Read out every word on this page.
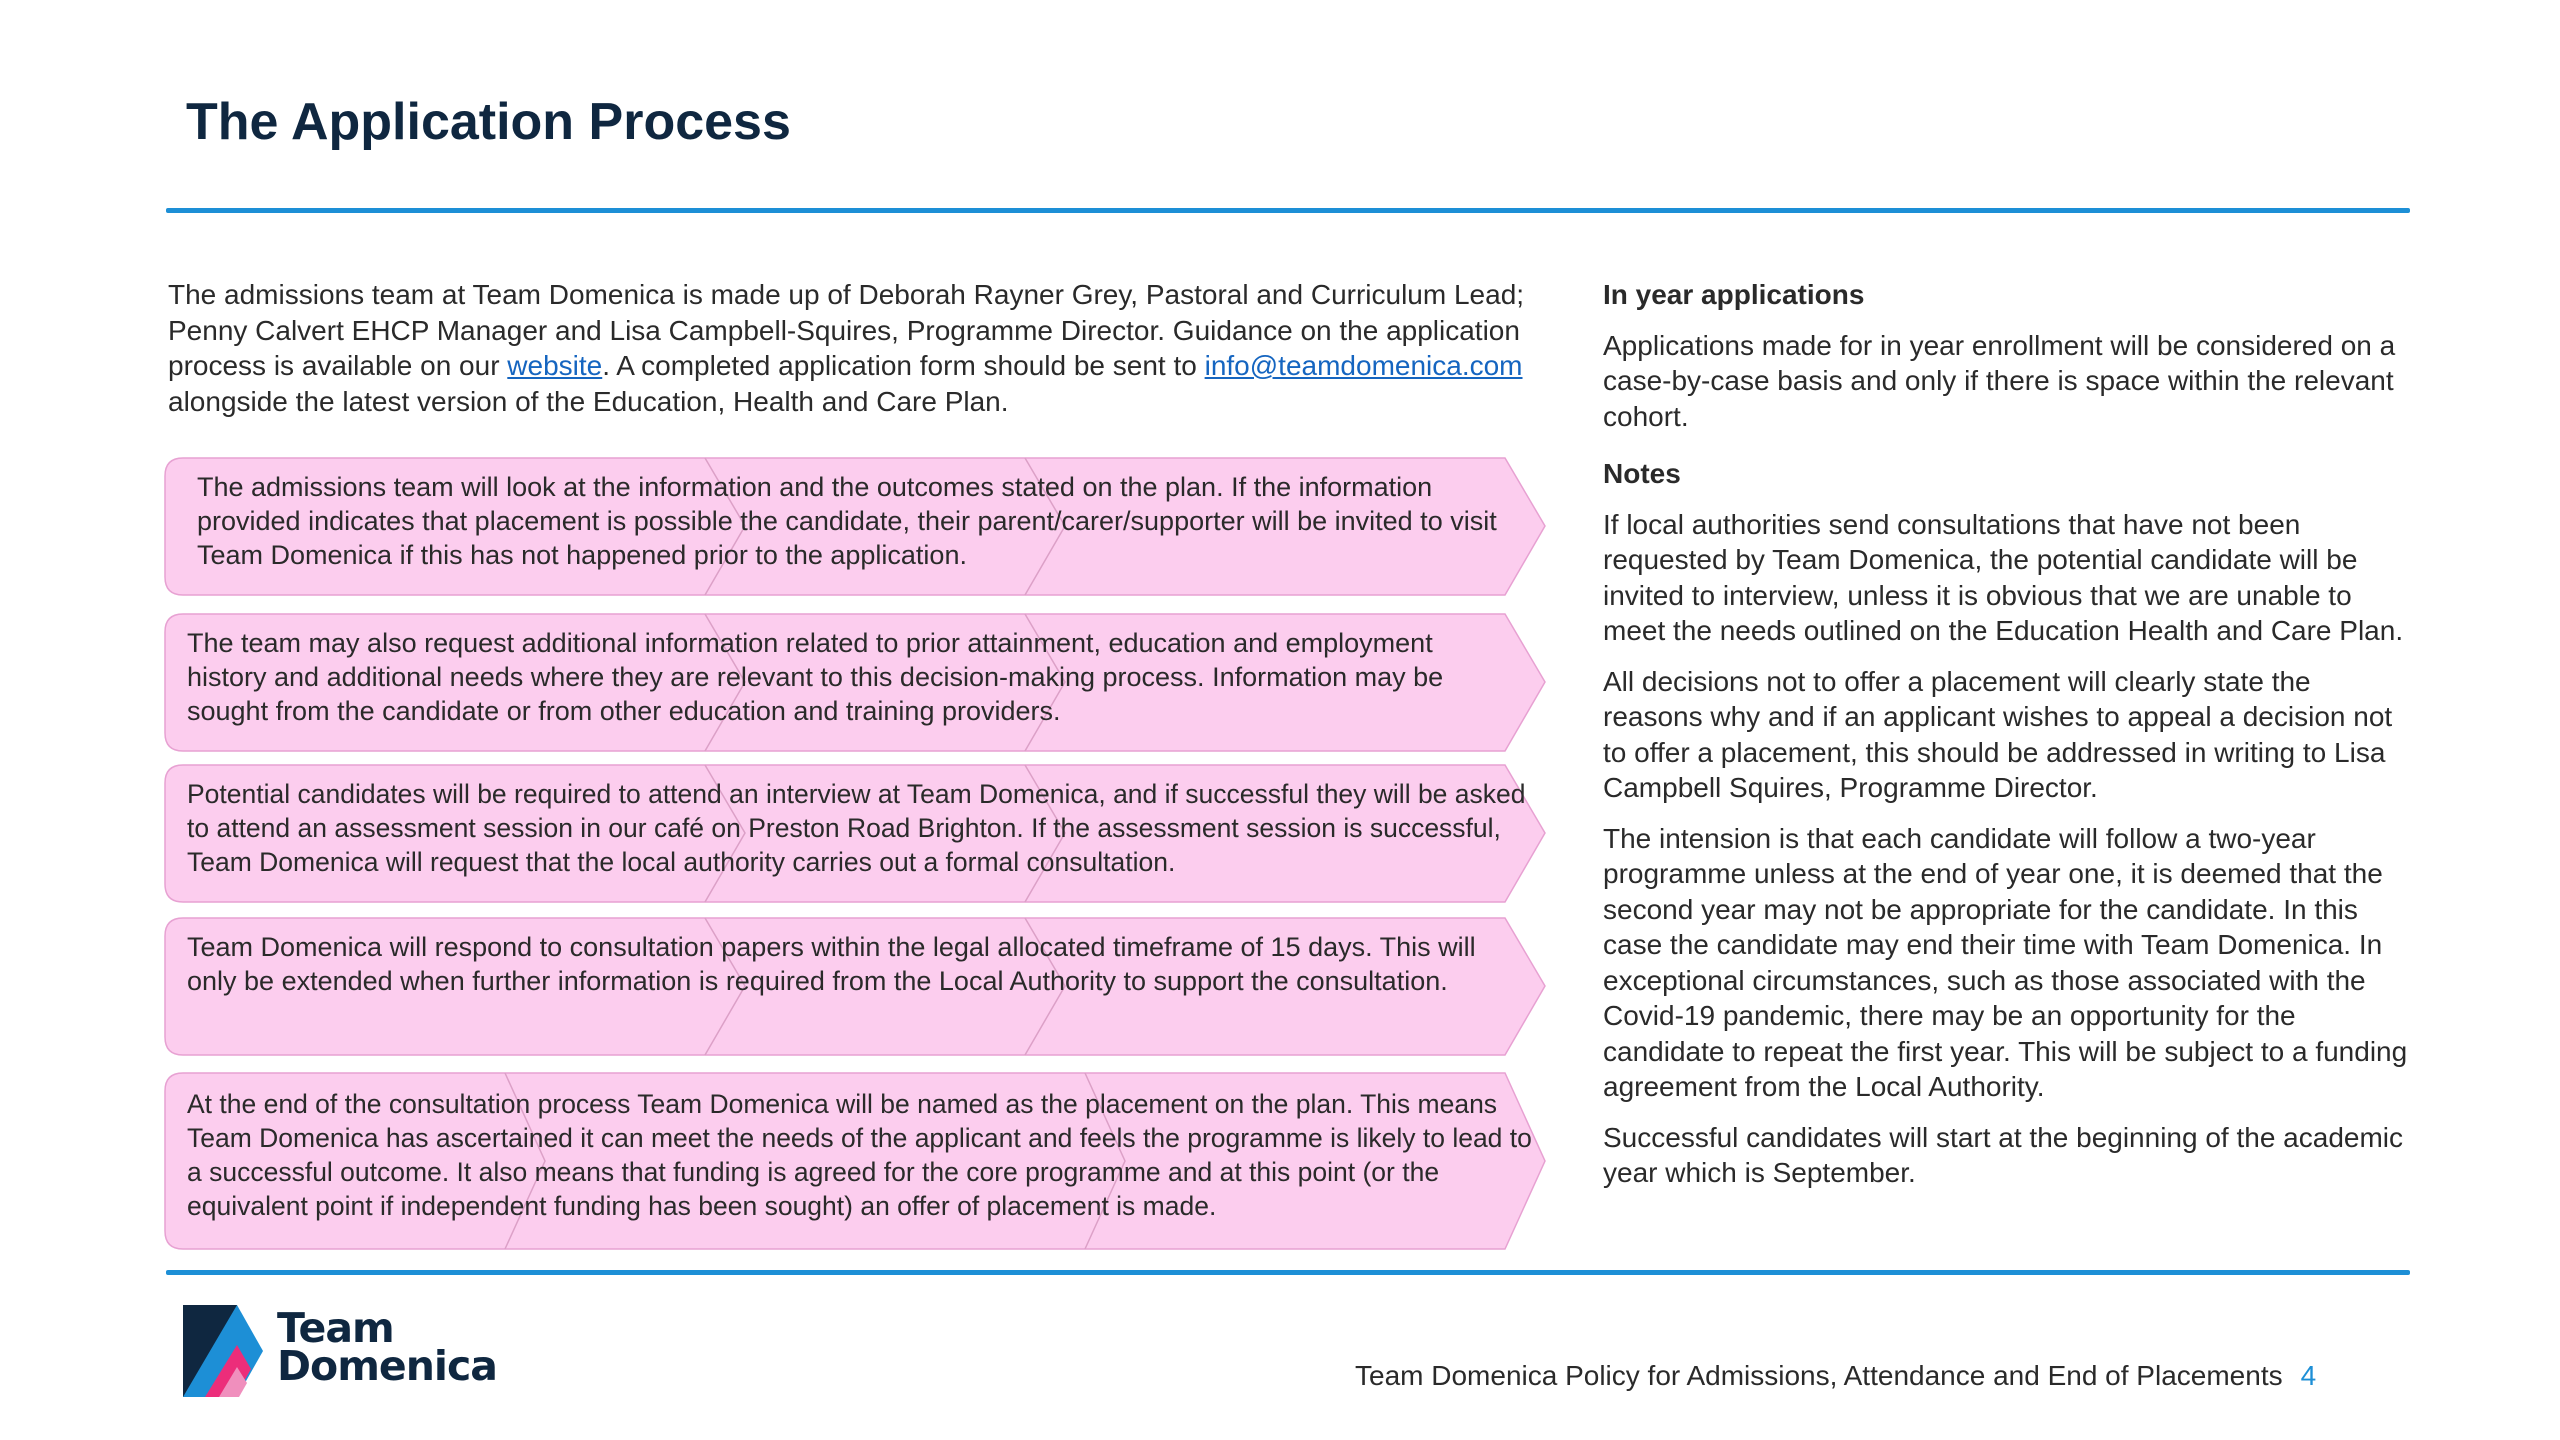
The Application Process
The admissions team at Team Domenica is made up of Deborah Rayner Grey, Pastoral and Curriculum Lead; Penny Calvert EHCP Manager and Lisa Campbell-Squires, Programme Director. Guidance on the application process is available on our website. A completed application form should be sent to info@teamdomenica.com alongside the latest version of the Education, Health and Care Plan.
The admissions team will look at the information and the outcomes stated on the plan. If the information provided indicates that placement is possible the candidate, their parent/carer/supporter will be invited to visit Team Domenica if this has not happened prior to the application.
The team may also request additional information related to prior attainment, education and employment history and additional needs where they are relevant to this decision-making process. Information may be sought from the candidate or from other education and training providers.
Potential candidates will be required to attend an interview at Team Domenica, and if successful they will be asked to attend an assessment session in our café on Preston Road Brighton. If the assessment session is successful, Team Domenica will request that the local authority carries out a formal consultation.
Team Domenica will respond to consultation papers within the legal allocated timeframe of 15 days. This will only be extended when further information is required from the Local Authority to support the consultation.
At the end of the consultation process Team Domenica will be named as the placement on the plan. This means Team Domenica has ascertained it can meet the needs of the applicant and feels the programme is likely to lead to a successful outcome. It also means that funding is agreed for the core programme and at this point (or the equivalent point if independent funding has been sought) an offer of placement is made.
In year applications

Applications made for in year enrollment will be considered on a case-by-case basis and only if there is space within the relevant cohort.

Notes

If local authorities send consultations that have not been requested by Team Domenica, the potential candidate will be invited to interview, unless it is obvious that we are unable to meet the needs outlined on the Education Health and Care Plan.

All decisions not to offer a placement will clearly state the reasons why and if an applicant wishes to appeal a decision not to offer a placement, this should be addressed in writing to Lisa Campbell Squires, Programme Director.

The intension is that each candidate will follow a two-year programme unless at the end of year one, it is deemed that the second year may not be appropriate for the candidate. In this case the candidate may end their time with Team Domenica. In exceptional circumstances, such as those associated with the Covid-19 pandemic, there may be an opportunity for the candidate to repeat the first year. This will be subject to a funding agreement from the Local Authority.

Successful candidates will start at the beginning of the academic year which is September.

Team
Domenica	Team Domenica Policy for Admissions, Attendance and End of Placements 4
